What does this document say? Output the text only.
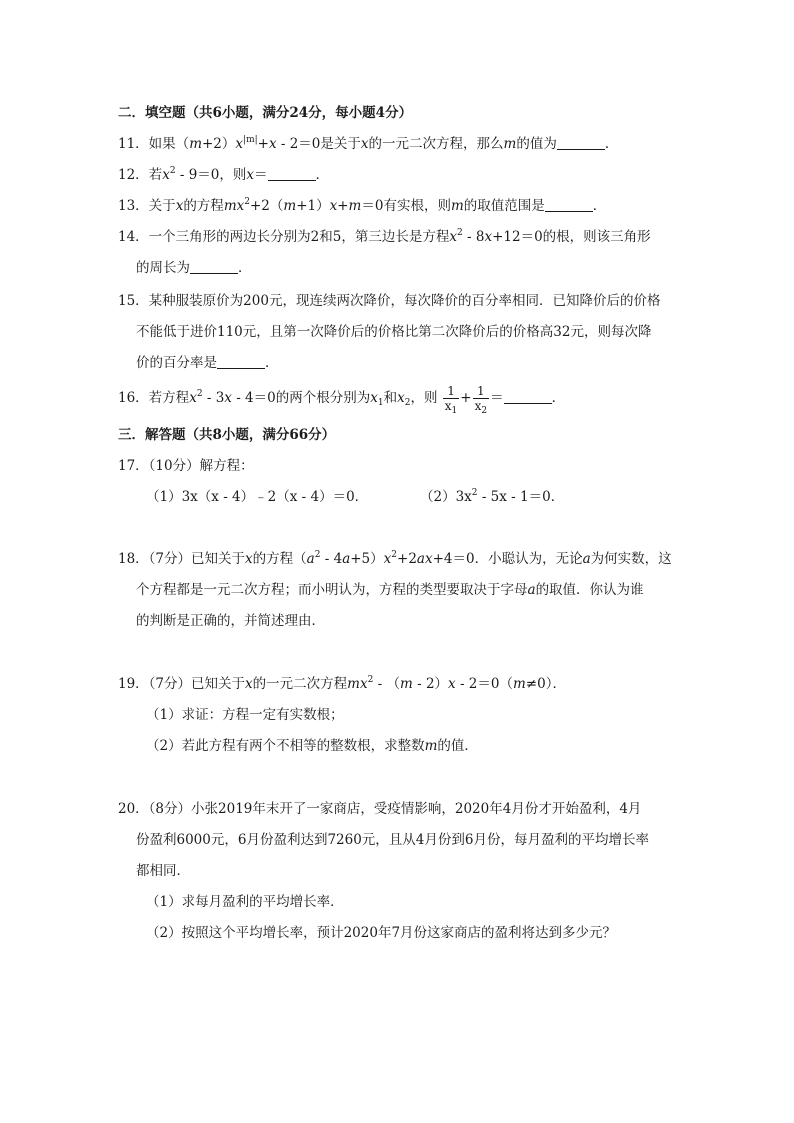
二．填空题（共6小题，满分24分，每小题4分）
11．如果$(m+2)x^{|m|}+x - 2=0$是关于x的一元二次方程，那么m的值为	．
12．若$x^2 - 9=0$，则x＝	．
13．关于x的方程$mx^2+2(m+1)x+m=0$有实根，则m的取值范围是	．
14．一个三角形的两边长分别为2和5，第三边长是方程$x^2 - 8x+12=0$的根，则该三角形
的周长为	．
15．某种服装原价为200元，现连续两次降价，每次降价的百分率相同．已知降价后的价格
不能低于进价110元，且第一次降价后的价格比第二次降价后的价格高32元，则每次降
价的百分率是	．
16．若方程$x^2 - 3x - 4=0$的两个根分别为$x_1$和$x_2$，则 $\frac{1}{x_1} + \frac{1}{x_2}$ ＝	．
三．解答题（共8小题，满分66分）
17．（10分）解方程：
（1）3x（x - 4）﹣2（x - 4）＝0．	$(2)3x^2 - 5x - 1=0$．
18．（7分）已知关于x的方程$(a^2 - 4a+5)x^2+2ax+4=0$．小聪认为，无论a为何实数，这
个方程都是一元二次方程；而小明认为，方程的类型要取决于字母a的取值．你认为谁
的判断是正确的，并简述理由．
19．（7分）已知关于x的一元二次方程$mx^2 - (m - 2)x - 2=0(m\ne 0)$．
（1）求证：方程一定有实数根；
（2）若此方程有两个不相等的整数根，求整数m的值．
20．（8分）小张2019年末开了一家商店，受疫情影响，2020年4月份才开始盈利，4月
份盈利6000元，6月份盈利达到7260元，且从4月份到6月份，每月盈利的平均增长率
都相同．
（1）求每月盈利的平均增长率．
（2）按照这个平均增长率，预计2020年7月份这家商店的盈利将达到多少元？
